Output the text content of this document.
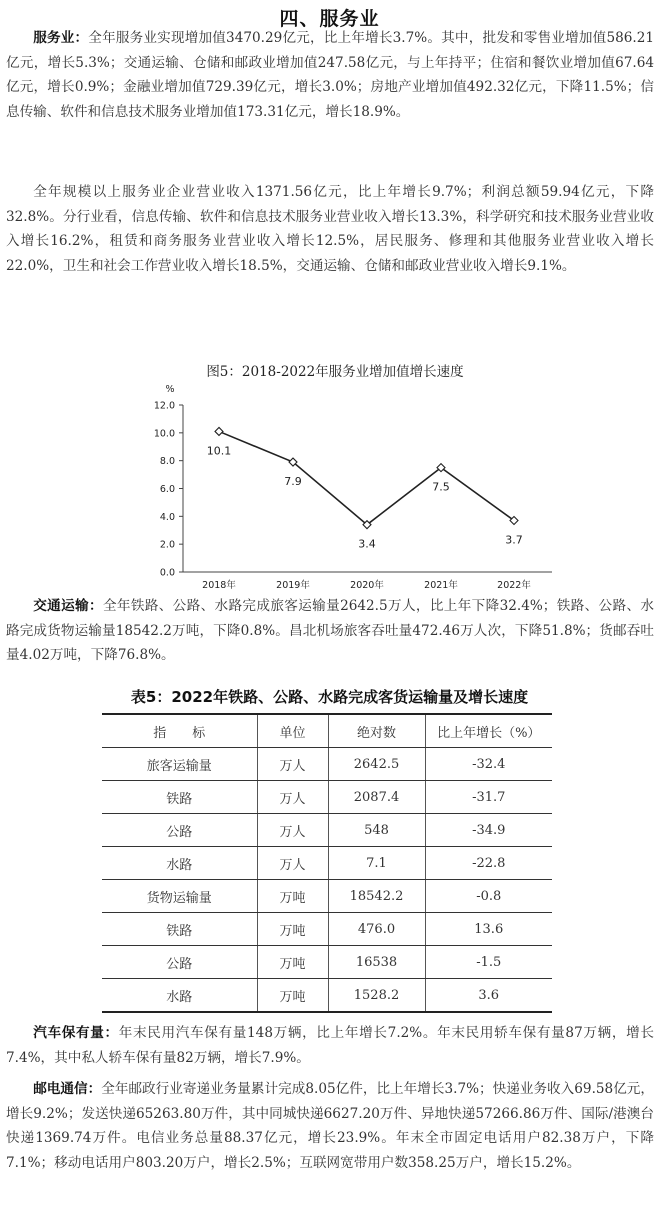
四、服务业

服务业：全年服务业实现增加值3470.29亿元，比上年增长3.7%。其中，批发和零售业增加值586.21亿元，增长5.3%；交通运输、仓储和邮政业增加值247.58亿元，与上年持平；住宿和餐饮业增加值67.64亿元，增长0.9%；金融业增加值729.39亿元，增长3.0%；房地产业增加值492.32亿元，下降11.5%；信息传输、软件和信息技术服务业增加值173.31亿元，增长18.9%。

全年规模以上服务业企业营业收入1371.56亿元，比上年增长9.7%；利润总额59.94亿元，下降32.8%。分行业看，信息传输、软件和信息技术服务业营业收入增长13.3%，科学研究和技术服务业营业收入增长16.2%，租赁和商务服务业营业收入增长12.5%，居民服务、修理和其他服务业营业收入增长22.0%，卫生和社会工作营业收入增长18.5%，交通运输、仓储和邮政业营业收入增长9.1%。

图5：2018-2022年服务业增加值增长速度
%
0.0
2.0
4.0
6.0
8.0
10.0
12.0
2018年	2019年	2020年	2021年	2022年
10.1
7.9
3.4
7.5
3.7

交通运输：全年铁路、公路、水路完成旅客运输量2642.5万人，比上年下降32.4%；铁路、公路、水路完成货物运输量18542.2万吨，下降0.8%。昌北机场旅客吞吐量472.46万人次，下降51.8%；货邮吞吐量4.02万吨，下降76.8%。

表5：2022年铁路、公路、水路完成客货运输量及增长速度
指　　标	单位	绝对数	比上年增长（%）
旅客运输量	万人	2642.5	-32.4
铁路	万人	2087.4	-31.7
公路	万人	548	-34.9
水路	万人	7.1	-22.8
货物运输量	万吨	18542.2	-0.8
铁路	万吨	476.0	13.6
公路	万吨	16538	-1.5
水路	万吨	1528.2	3.6

汽车保有量：年末民用汽车保有量148万辆，比上年增长7.2%。年末民用轿车保有量87万辆，增长7.4%，其中私人轿车保有量82万辆，增长7.9%。

邮电通信：全年邮政行业寄递业务量累计完成8.05亿件，比上年增长3.7%；快递业务收入69.58亿元，增长9.2%；发送快递65263.80万件，其中同城快递6627.20万件、异地快递57266.86万件、国际/港澳台快递1369.74万件。电信业务总量88.37亿元，增长23.9%。年末全市固定电话用户82.38万户，下降7.1%；移动电话用户803.20万户，增长2.5%；互联网宽带用户数358.25万户，增长15.2%。
